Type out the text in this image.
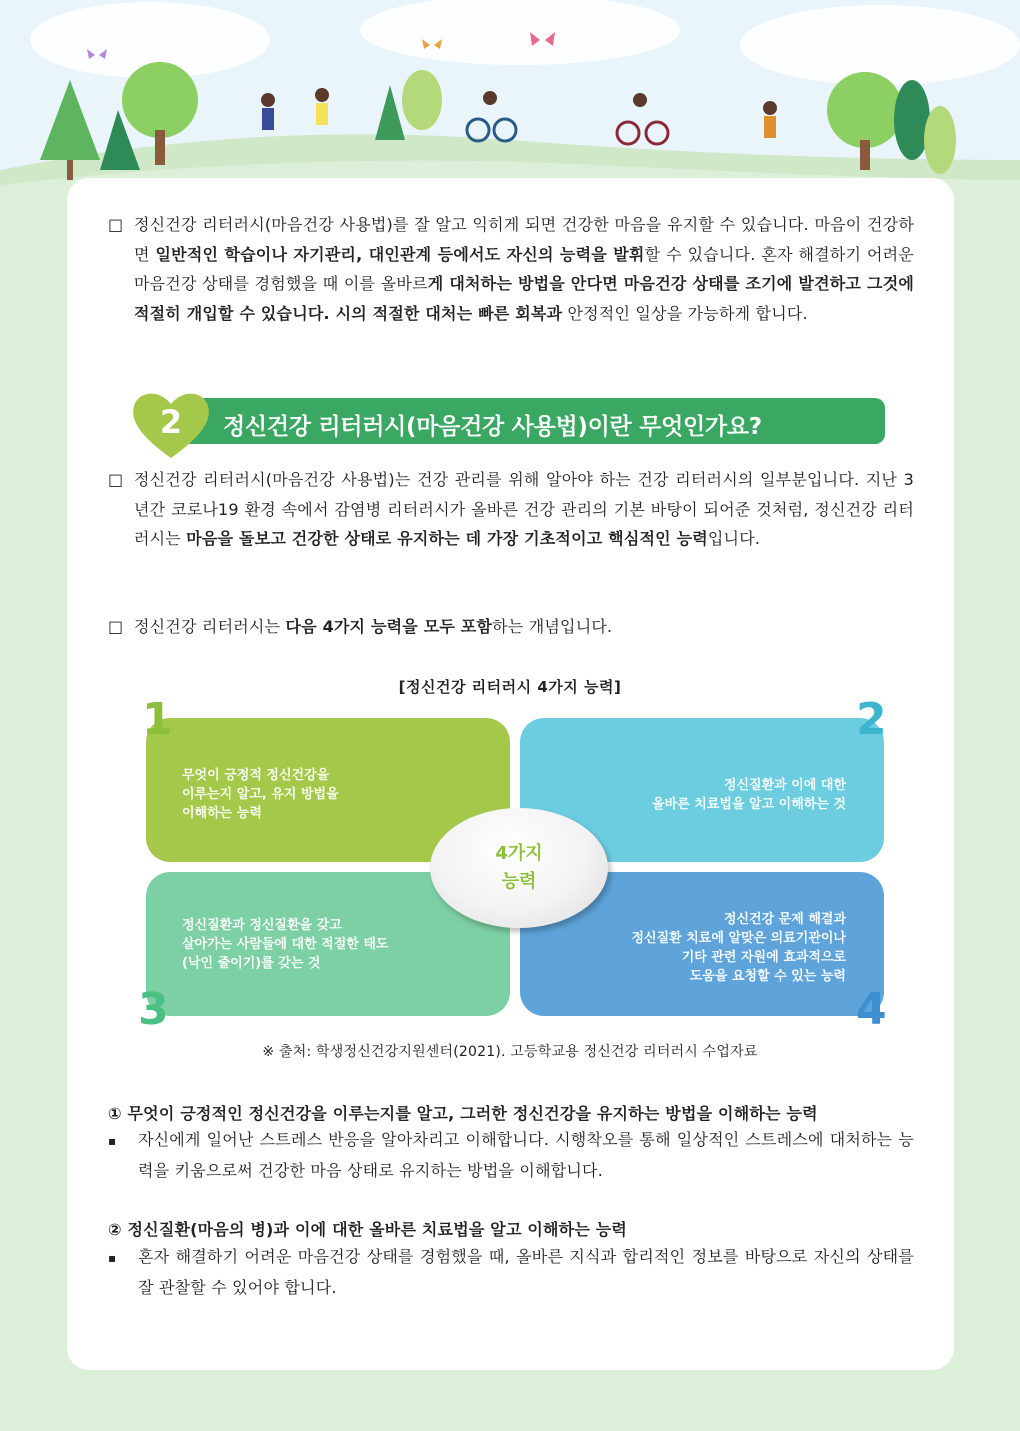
□ 정신건강 리터러시(마음건강 사용법)를 잘 알고 익히게 되면 건강한 마음을 유지할 수 있습니다. 마음이 건강하면 일반적인 학습이나 자기관리, 대인관계 등에서도 자신의 능력을 발휘할 수 있습니다. 혼자 해결하기 어려운 마음건강 상태를 경험했을 때 이를 올바르게 대처하는 방법을 안다면 마음건강 상태를 조기에 발견하고 그것에 적절히 개입할 수 있습니다. 시의 적절한 대처는 빠른 회복과 안정적인 일상을 가능하게 합니다.

2	정신건강 리터러시(마음건강 사용법)이란 무엇인가요?

□ 정신건강 리터러시(마음건강 사용법)는 건강 관리를 위해 알아야 하는 건강 리터러시의 일부분입니다. 지난 3년간 코로나19 환경 속에서 감염병 리터러시가 올바른 건강 관리의 기본 바탕이 되어준 것처럼, 정신건강 리터러시는 마음을 돌보고 건강한 상태로 유지하는 데 가장 기초적이고 핵심적인 능력입니다.

□ 정신건강 리터러시는 다음 4가지 능력을 모두 포함하는 개념입니다.

[정신건강 리터러시 4가지 능력]
무엇이 긍정적 정신건강을
이루는지 알고, 유지 방법을
이해하는 능력
정신질환과 이에 대한
올바른 치료법을 알고 이해하는 것
정신질환과 정신질환을 갖고
살아가는 사람들에 대한 적절한 태도
(낙인 줄이기)를 갖는 것
정신건강 문제 해결과
정신질환 치료에 알맞은 의료기관이나
기타 관련 자원에 효과적으로
도움을 요청할 수 있는 능력
1	2
3	4
4가지
능력
※ 출처: 학생정신건강지원센터(2021). 고등학교용 정신건강 리터러시 수업자료
① 무엇이 긍정적인 정신건강을 이루는지를 알고, 그러한 정신건강을 유지하는 방법을 이해하는 능력

▪ 자신에게 일어난 스트레스 반응을 알아차리고 이해합니다. 시행착오를 통해 일상적인 스트레스에 대처하는 능력을 키움으로써 건강한 마음 상태로 유지하는 방법을 이해합니다.

② 정신질환(마음의 병)과 이에 대한 올바른 치료법을 알고 이해하는 능력

▪ 혼자 해결하기 어려운 마음건강 상태를 경험했을 때, 올바른 지식과 합리적인 정보를 바탕으로 자신의 상태를 잘 관찰할 수 있어야 합니다.
